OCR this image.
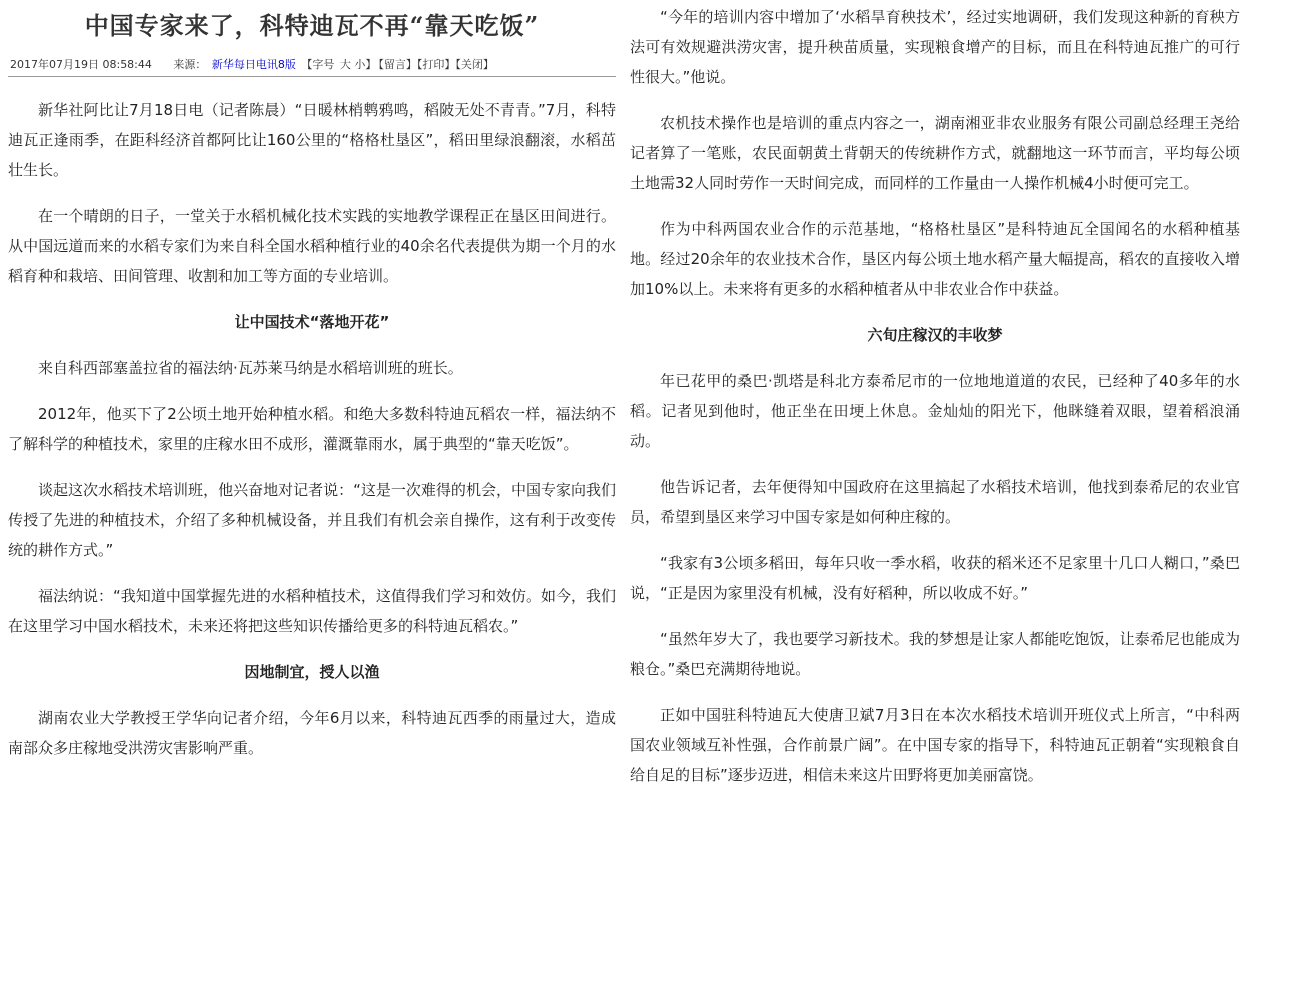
中国专家来了，科特迪瓦不再“靠天吃饭”
2017年07月19日 08:58:44 来源： 新华每日电讯8版 【字号 大 小】 【留言】【打印】【关闭】

新华社阿比让7月18日电（记者陈晨）“日暖林梢鹎鸦鸣，稻陂无处不青青。”7月，科特迪瓦正逢雨季，在距科经济首都阿比让160公里的“格格杜垦区”，稻田里绿浪翻滚，水稻茁壮生长。

在一个晴朗的日子，一堂关于水稻机械化技术实践的实地教学课程正在垦区田间进行。从中国远道而来的水稻专家们为来自科全国水稻种植行业的40余名代表提供为期一个月的水稻育种和栽培、田间管理、收割和加工等方面的专业培训。

让中国技术“落地开花”

来自科西部塞盖拉省的福法纳·瓦苏莱马纳是水稻培训班的班长。

2012年，他买下了2公顷土地开始种植水稻。和绝大多数科特迪瓦稻农一样，福法纳不了解科学的种植技术，家里的庄稼水田不成形，灌溉靠雨水，属于典型的“靠天吃饭”。

谈起这次水稻技术培训班，他兴奋地对记者说：“这是一次难得的机会，中国专家向我们传授了先进的种植技术，介绍了多种机械设备，并且我们有机会亲自操作，这有利于改变传统的耕作方式。”

福法纳说：“我知道中国掌握先进的水稻种植技术，这值得我们学习和效仿。如今，我们在这里学习中国水稻技术，未来还将把这些知识传播给更多的科特迪瓦稻农。”

因地制宜，授人以渔

湖南农业大学教授王学华向记者介绍，今年6月以来，科特迪瓦西季的雨量过大，造成南部众多庄稼地受洪涝灾害影响严重。

“今年的培训内容中增加了‘水稻旱育秧技术’，经过实地调研，我们发现这种新的育秧方法可有效规避洪涝灾害，提升秧苗质量，实现粮食增产的目标，而且在科特迪瓦推广的可行性很大。”他说。

农机技术操作也是培训的重点内容之一，湖南湘亚非农业服务有限公司副总经理王尧给记者算了一笔账，农民面朝黄土背朝天的传统耕作方式，就翻地这一环节而言，平均每公顷土地需32人同时劳作一天时间完成，而同样的工作量由一人操作机械4小时便可完工。

作为中科两国农业合作的示范基地，“格格杜垦区”是科特迪瓦全国闻名的水稻种植基地。经过20余年的农业技术合作，垦区内每公顷土地水稻产量大幅提高，稻农的直接收入增加10%以上。未来将有更多的水稻种植者从中非农业合作中获益。

六旬庄稼汉的丰收梦

年已花甲的桑巴·凯塔是科北方泰希尼市的一位地地道道的农民，已经种了40多年的水稻。记者见到他时，他正坐在田埂上休息。金灿灿的阳光下，他眯缝着双眼，望着稻浪涌动。

他告诉记者，去年便得知中国政府在这里搞起了水稻技术培训，他找到泰希尼的农业官员，希望到垦区来学习中国专家是如何种庄稼的。

“我家有3公顷多稻田，每年只收一季水稻，收获的稻米还不足家里十几口人糊口，”桑巴说，“正是因为家里没有机械，没有好稻种，所以收成不好。”

“虽然年岁大了，我也要学习新技术。我的梦想是让家人都能吃饱饭，让泰希尼也能成为粮仓。”桑巴充满期待地说。

正如中国驻科特迪瓦大使唐卫斌7月3日在本次水稻技术培训开班仪式上所言，“中科两国农业领域互补性强，合作前景广阔”。在中国专家的指导下，科特迪瓦正朝着“实现粮食自给自足的目标”逐步迈进，相信未来这片田野将更加美丽富饶。
